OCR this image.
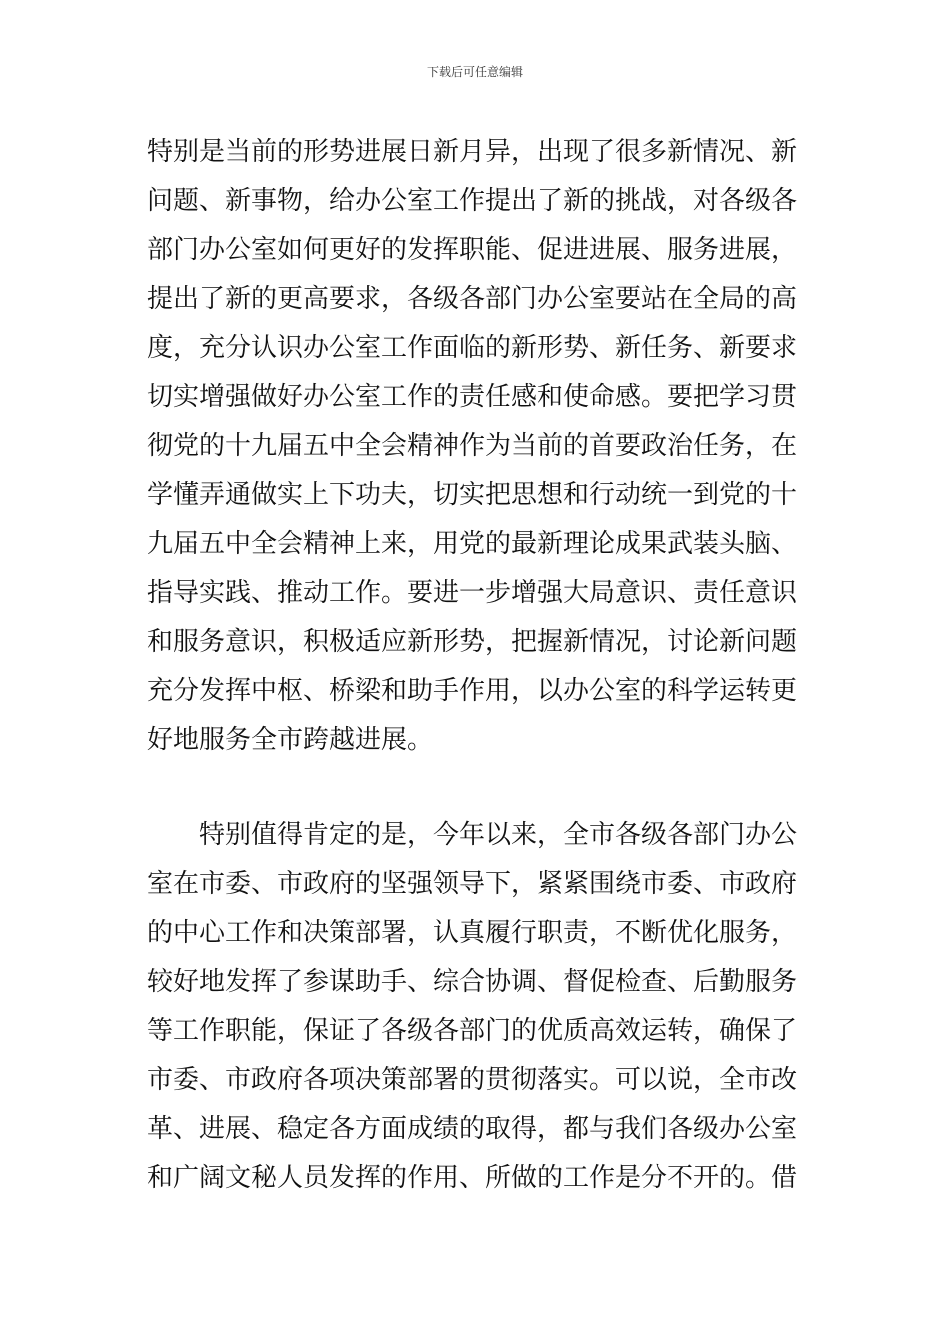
下载后可任意编辑
特别是当前的形势进展日新月异，出现了很多新情况、新
问题、新事物，给办公室工作提出了新的挑战，对各级各
部门办公室如何更好的发挥职能、促进进展、服务进展，
提出了新的更高要求，各级各部门办公室要站在全局的高
度，充分认识办公室工作面临的新形势、新任务、新要求
切实增强做好办公室工作的责任感和使命感。要把学习贯
彻党的十九届五中全会精神作为当前的首要政治任务，在
学懂弄通做实上下功夫，切实把思想和行动统一到党的十
九届五中全会精神上来，用党的最新理论成果武装头脑、
指导实践、推动工作。要进一步增强大局意识、责任意识
和服务意识，积极适应新形势，把握新情况，讨论新问题
充分发挥中枢、桥梁和助手作用，以办公室的科学运转更
好地服务全市跨越进展。
　　特别值得肯定的是，今年以来，全市各级各部门办公
室在市委、市政府的坚强领导下，紧紧围绕市委、市政府
的中心工作和决策部署，认真履行职责，不断优化服务，
较好地发挥了参谋助手、综合协调、督促检查、后勤服务
等工作职能，保证了各级各部门的优质高效运转，确保了
市委、市政府各项决策部署的贯彻落实。可以说，全市改
革、进展、稳定各方面成绩的取得，都与我们各级办公室
和广阔文秘人员发挥的作用、所做的工作是分不开的。借
